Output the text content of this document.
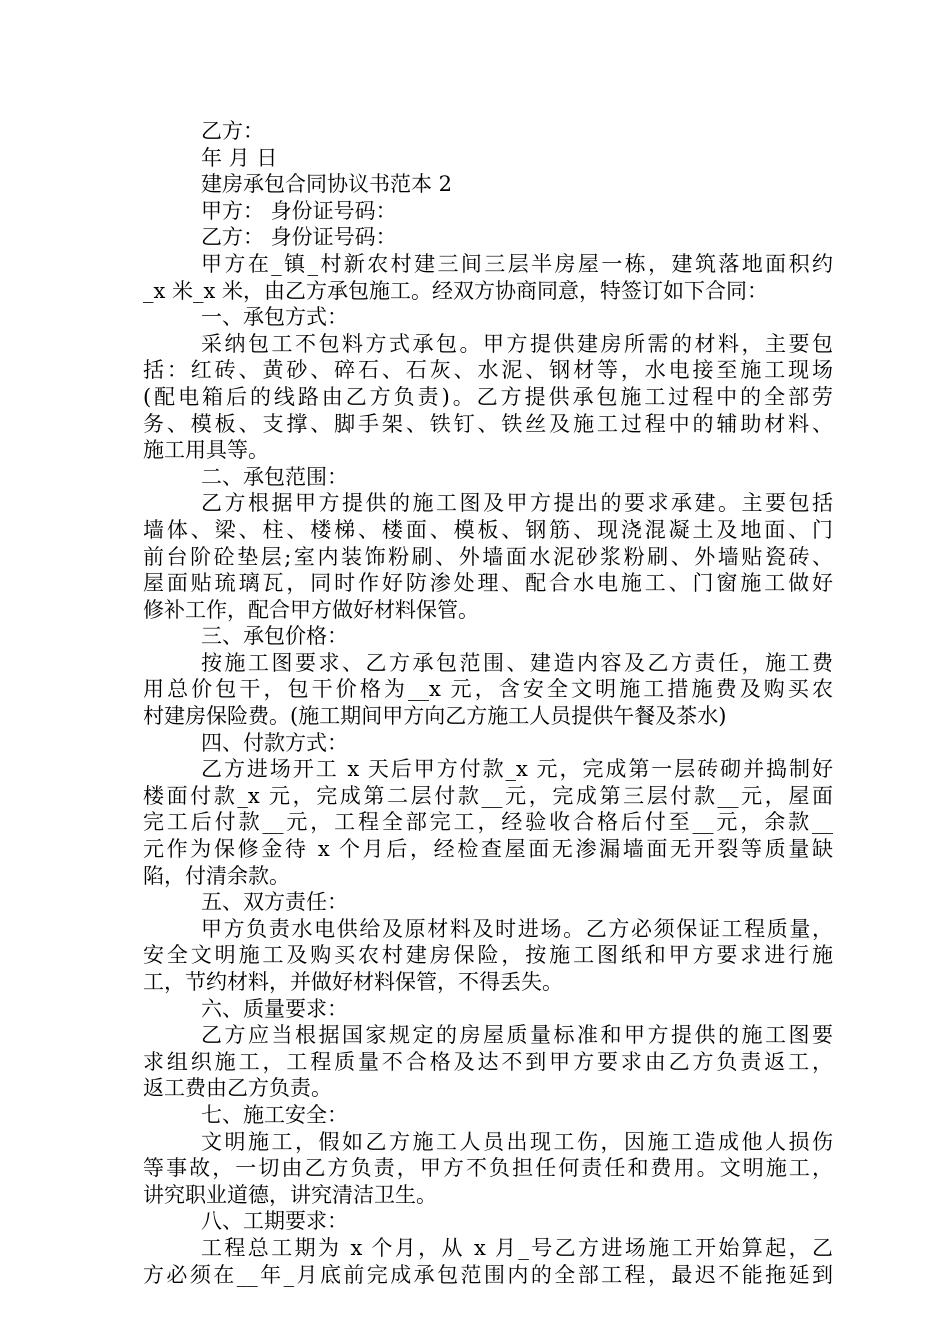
乙方：
年 月 日
建房承包合同协议书范本 2
甲方： 身份证号码：
乙方： 身份证号码：
甲方在_镇_村新农村建三间三层半房屋一栋，建筑落地面积约
_x 米_x 米，由乙方承包施工。经双方协商同意，特签订如下合同：
一、承包方式：
采纳包工不包料方式承包。甲方提供建房所需的材料，主要包
括：红砖、黄砂、碎石、石灰、水泥、钢材等，水电接至施工现场
(配电箱后的线路由乙方负责)。乙方提供承包施工过程中的全部劳
务、模板、支撑、脚手架、铁钉、铁丝及施工过程中的辅助材料、
施工用具等。
二、承包范围：
乙方根据甲方提供的施工图及甲方提出的要求承建。主要包括
墙体、梁、柱、楼梯、楼面、模板、钢筋、现浇混凝土及地面、门
前台阶砼垫层;室内装饰粉刷、外墙面水泥砂浆粉刷、外墙贴瓷砖、
屋面贴琉璃瓦，同时作好防渗处理、配合水电施工、门窗施工做好
修补工作，配合甲方做好材料保管。
三、承包价格：
按施工图要求、乙方承包范围、建造内容及乙方责任，施工费
用总价包干，包干价格为__x 元，含安全文明施工措施费及购买农
村建房保险费。(施工期间甲方向乙方施工人员提供午餐及茶水)
四、付款方式：
乙方进场开工 x 天后甲方付款_x 元，完成第一层砖砌并捣制好
楼面付款_x 元，完成第二层付款__元，完成第三层付款__元，屋面
完工后付款__元，工程全部完工，经验收合格后付至__元，余款__
元作为保修金待 x 个月后，经检查屋面无渗漏墙面无开裂等质量缺
陷，付清余款。
五、双方责任：
甲方负责水电供给及原材料及时进场。乙方必须保证工程质量，
安全文明施工及购买农村建房保险，按施工图纸和甲方要求进行施
工，节约材料，并做好材料保管，不得丢失。
六、质量要求：
乙方应当根据国家规定的房屋质量标准和甲方提供的施工图要
求组织施工，工程质量不合格及达不到甲方要求由乙方负责返工，
返工费由乙方负责。
七、施工安全：
文明施工，假如乙方施工人员出现工伤，因施工造成他人损伤
等事故，一切由乙方负责，甲方不负担任何责任和费用。文明施工，
讲究职业道德，讲究清洁卫生。
八、工期要求：
工程总工期为 x 个月，从 x 月_号乙方进场施工开始算起，乙
方必须在__年_月底前完成承包范围内的全部工程，最迟不能拖延到
